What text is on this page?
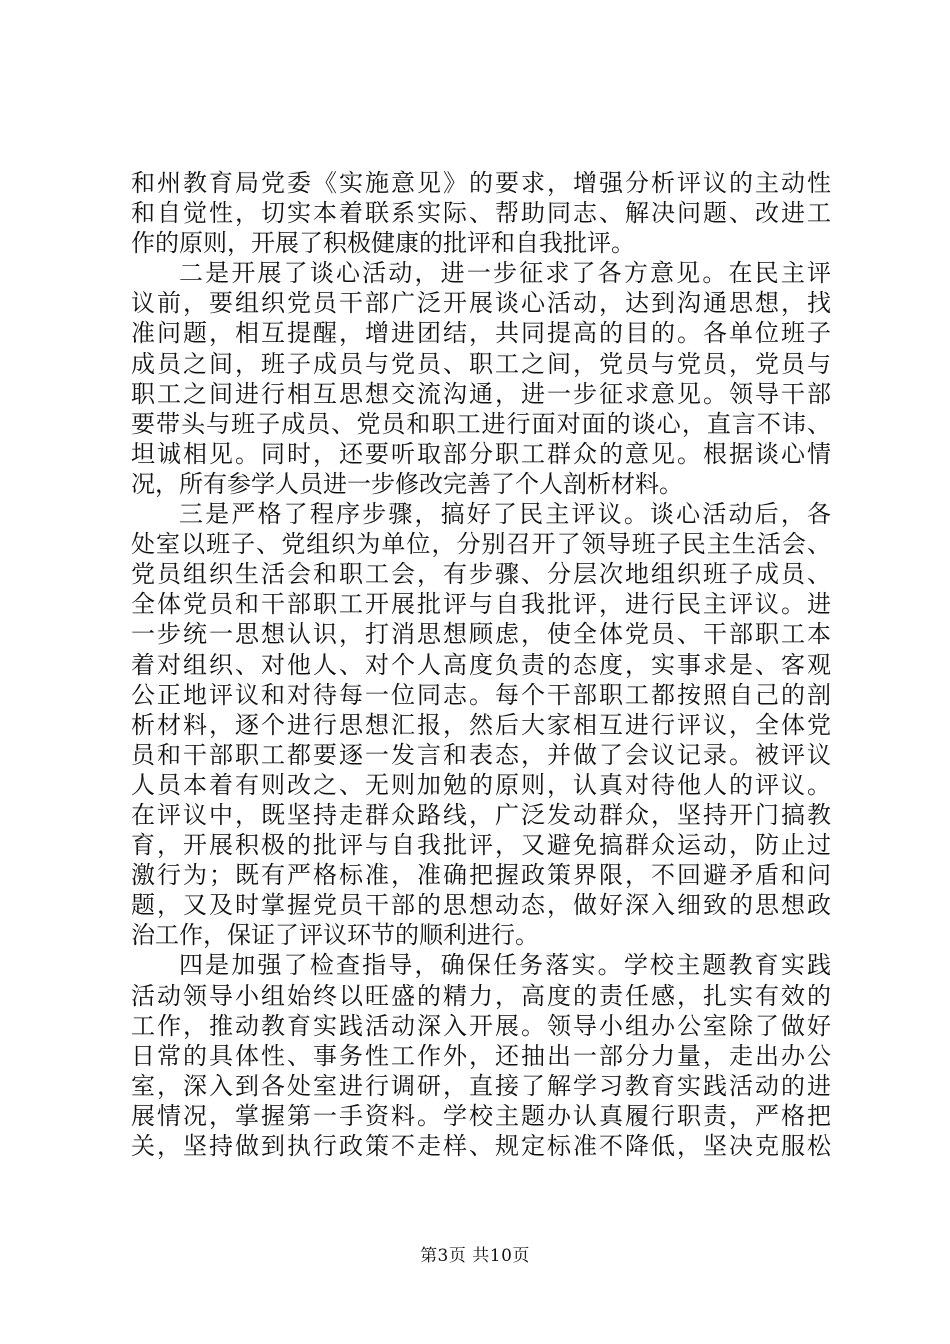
和州教育局党委《实施意见》的要求，增强分析评议的主动性
和自觉性，切实本着联系实际、帮助同志、解决问题、改进工
作的原则，开展了积极健康的批评和自我批评。
二是开展了谈心活动，进一步征求了各方意见。在民主评
议前，要组织党员干部广泛开展谈心活动，达到沟通思想，找
准问题，相互提醒，增进团结，共同提高的目的。各单位班子
成员之间，班子成员与党员、职工之间，党员与党员，党员与
职工之间进行相互思想交流沟通，进一步征求意见。领导干部
要带头与班子成员、党员和职工进行面对面的谈心，直言不讳、
坦诚相见。同时，还要听取部分职工群众的意见。根据谈心情
况，所有参学人员进一步修改完善了个人剖析材料。
三是严格了程序步骤，搞好了民主评议。谈心活动后，各
处室以班子、党组织为单位，分别召开了领导班子民主生活会、
党员组织生活会和职工会，有步骤、分层次地组织班子成员、
全体党员和干部职工开展批评与自我批评，进行民主评议。进
一步统一思想认识，打消思想顾虑，使全体党员、干部职工本
着对组织、对他人、对个人高度负责的态度，实事求是、客观
公正地评议和对待每一位同志。每个干部职工都按照自己的剖
析材料，逐个进行思想汇报，然后大家相互进行评议，全体党
员和干部职工都要逐一发言和表态，并做了会议记录。被评议
人员本着有则改之、无则加勉的原则，认真对待他人的评议。
在评议中，既坚持走群众路线，广泛发动群众，坚持开门搞教
育，开展积极的批评与自我批评，又避免搞群众运动，防止过
激行为；既有严格标准，准确把握政策界限，不回避矛盾和问
题，又及时掌握党员干部的思想动态，做好深入细致的思想政
治工作，保证了评议环节的顺利进行。
四是加强了检查指导，确保任务落实。学校主题教育实践
活动领导小组始终以旺盛的精力，高度的责任感，扎实有效的
工作，推动教育实践活动深入开展。领导小组办公室除了做好
日常的具体性、事务性工作外，还抽出一部分力量，走出办公
室，深入到各处室进行调研，直接了解学习教育实践活动的进
展情况，掌握第一手资料。学校主题办认真履行职责，严格把
关，坚持做到执行政策不走样、规定标准不降低，坚决克服松
第3页 共10页
